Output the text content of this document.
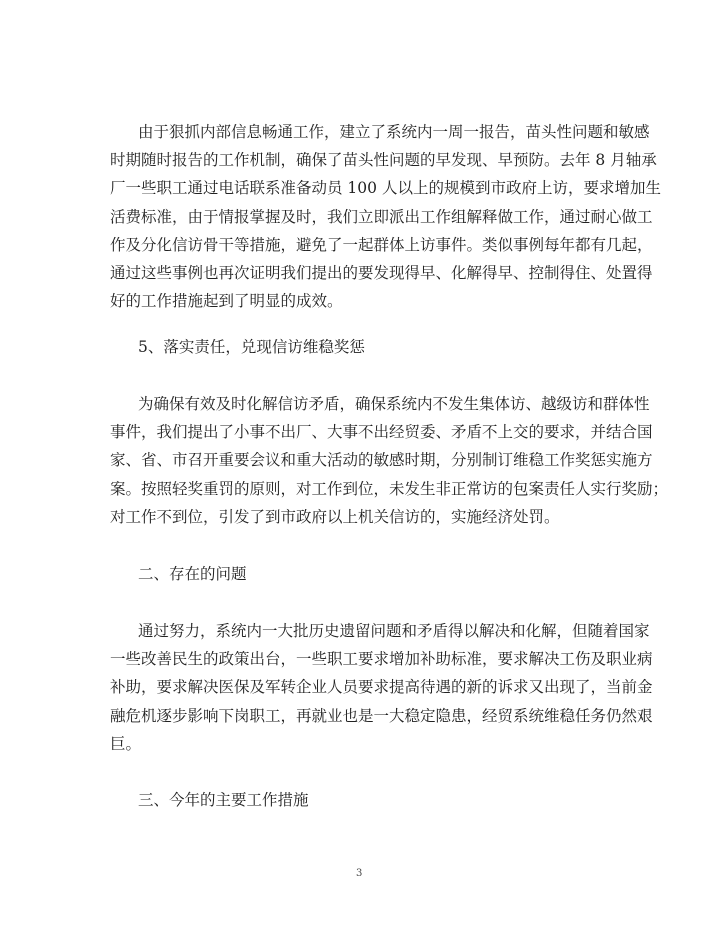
由于狠抓内部信息畅通工作，建立了系统内一周一报告，苗头性问题和敏感
时期随时报告的工作机制，确保了苗头性问题的早发现、早预防。去年 8 月轴承
厂一些职工通过电话联系准备动员 100 人以上的规模到市政府上访，要求增加生
活费标准，由于情报掌握及时，我们立即派出工作组解释做工作，通过耐心做工
作及分化信访骨干等措施，避免了一起群体上访事件。类似事例每年都有几起，
通过这些事例也再次证明我们提出的要发现得早、化解得早、控制得住、处置得
好的工作措施起到了明显的成效。
5、落实责任，兑现信访维稳奖惩
为确保有效及时化解信访矛盾，确保系统内不发生集体访、越级访和群体性
事件，我们提出了小事不出厂、大事不出经贸委、矛盾不上交的要求，并结合国
家、省、市召开重要会议和重大活动的敏感时期，分别制订维稳工作奖惩实施方
案。按照轻奖重罚的原则，对工作到位，未发生非正常访的包案责任人实行奖励；
对工作不到位，引发了到市政府以上机关信访的，实施经济处罚。
二、存在的问题
通过努力，系统内一大批历史遗留问题和矛盾得以解决和化解，但随着国家
一些改善民生的政策出台，一些职工要求增加补助标准，要求解决工伤及职业病
补助，要求解决医保及军转企业人员要求提高待遇的新的诉求又出现了，当前金
融危机逐步影响下岗职工，再就业也是一大稳定隐患，经贸系统维稳任务仍然艰
巨。
三、今年的主要工作措施
3
